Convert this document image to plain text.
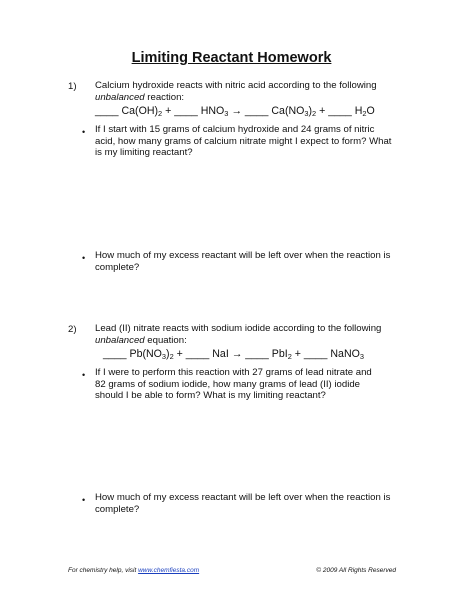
Limiting Reactant Homework
1) Calcium hydroxide reacts with nitric acid according to the following
unbalanced reaction:
____ $Ca(OH)_2$ + ____ $HNO_3$ → ____ $Ca(NO_3)_2$ + ____ $H_2O$
• If I start with 15 grams of calcium hydroxide and 24 grams of nitric acid, how many grams of calcium nitrate might I expect to form? What is my limiting reactant?
• How much of my excess reactant will be left over when the reaction is complete?
2) Lead (II) nitrate reacts with sodium iodide according to the following
unbalanced equation:
____ $Pb(NO_3)_2$ + ____ NaI → ____ PbI$_2$ + ____ NaNO$_3$
• If I were to perform this reaction with 27 grams of lead nitrate and 82 grams of sodium iodide, how many grams of lead (II) iodide should I be able to form? What is my limiting reactant?
• How much of my excess reactant will be left over when the reaction is complete?
For chemistry help, visit www.chemfiesta.com	© 2009 All Rights Reserved
